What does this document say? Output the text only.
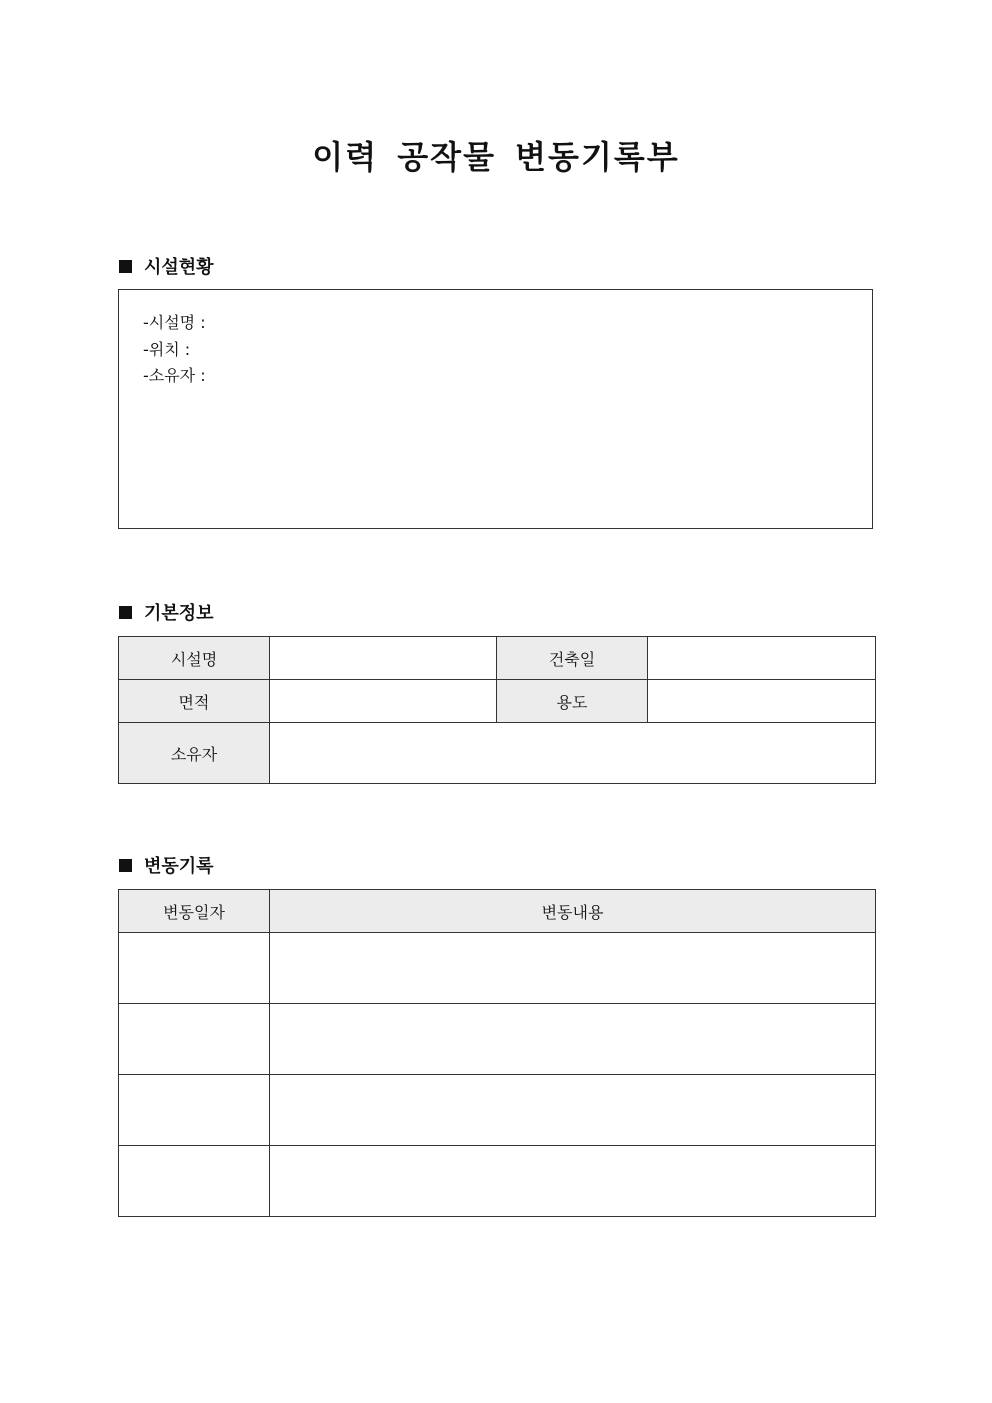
이력 공작물 변동기록부
시설현황
-시설명 :
-위치 :
-소유자 :
기본정보
시설명		건축일	
면적		용도	
소유자			
변동기록
변동일자	변동내용
